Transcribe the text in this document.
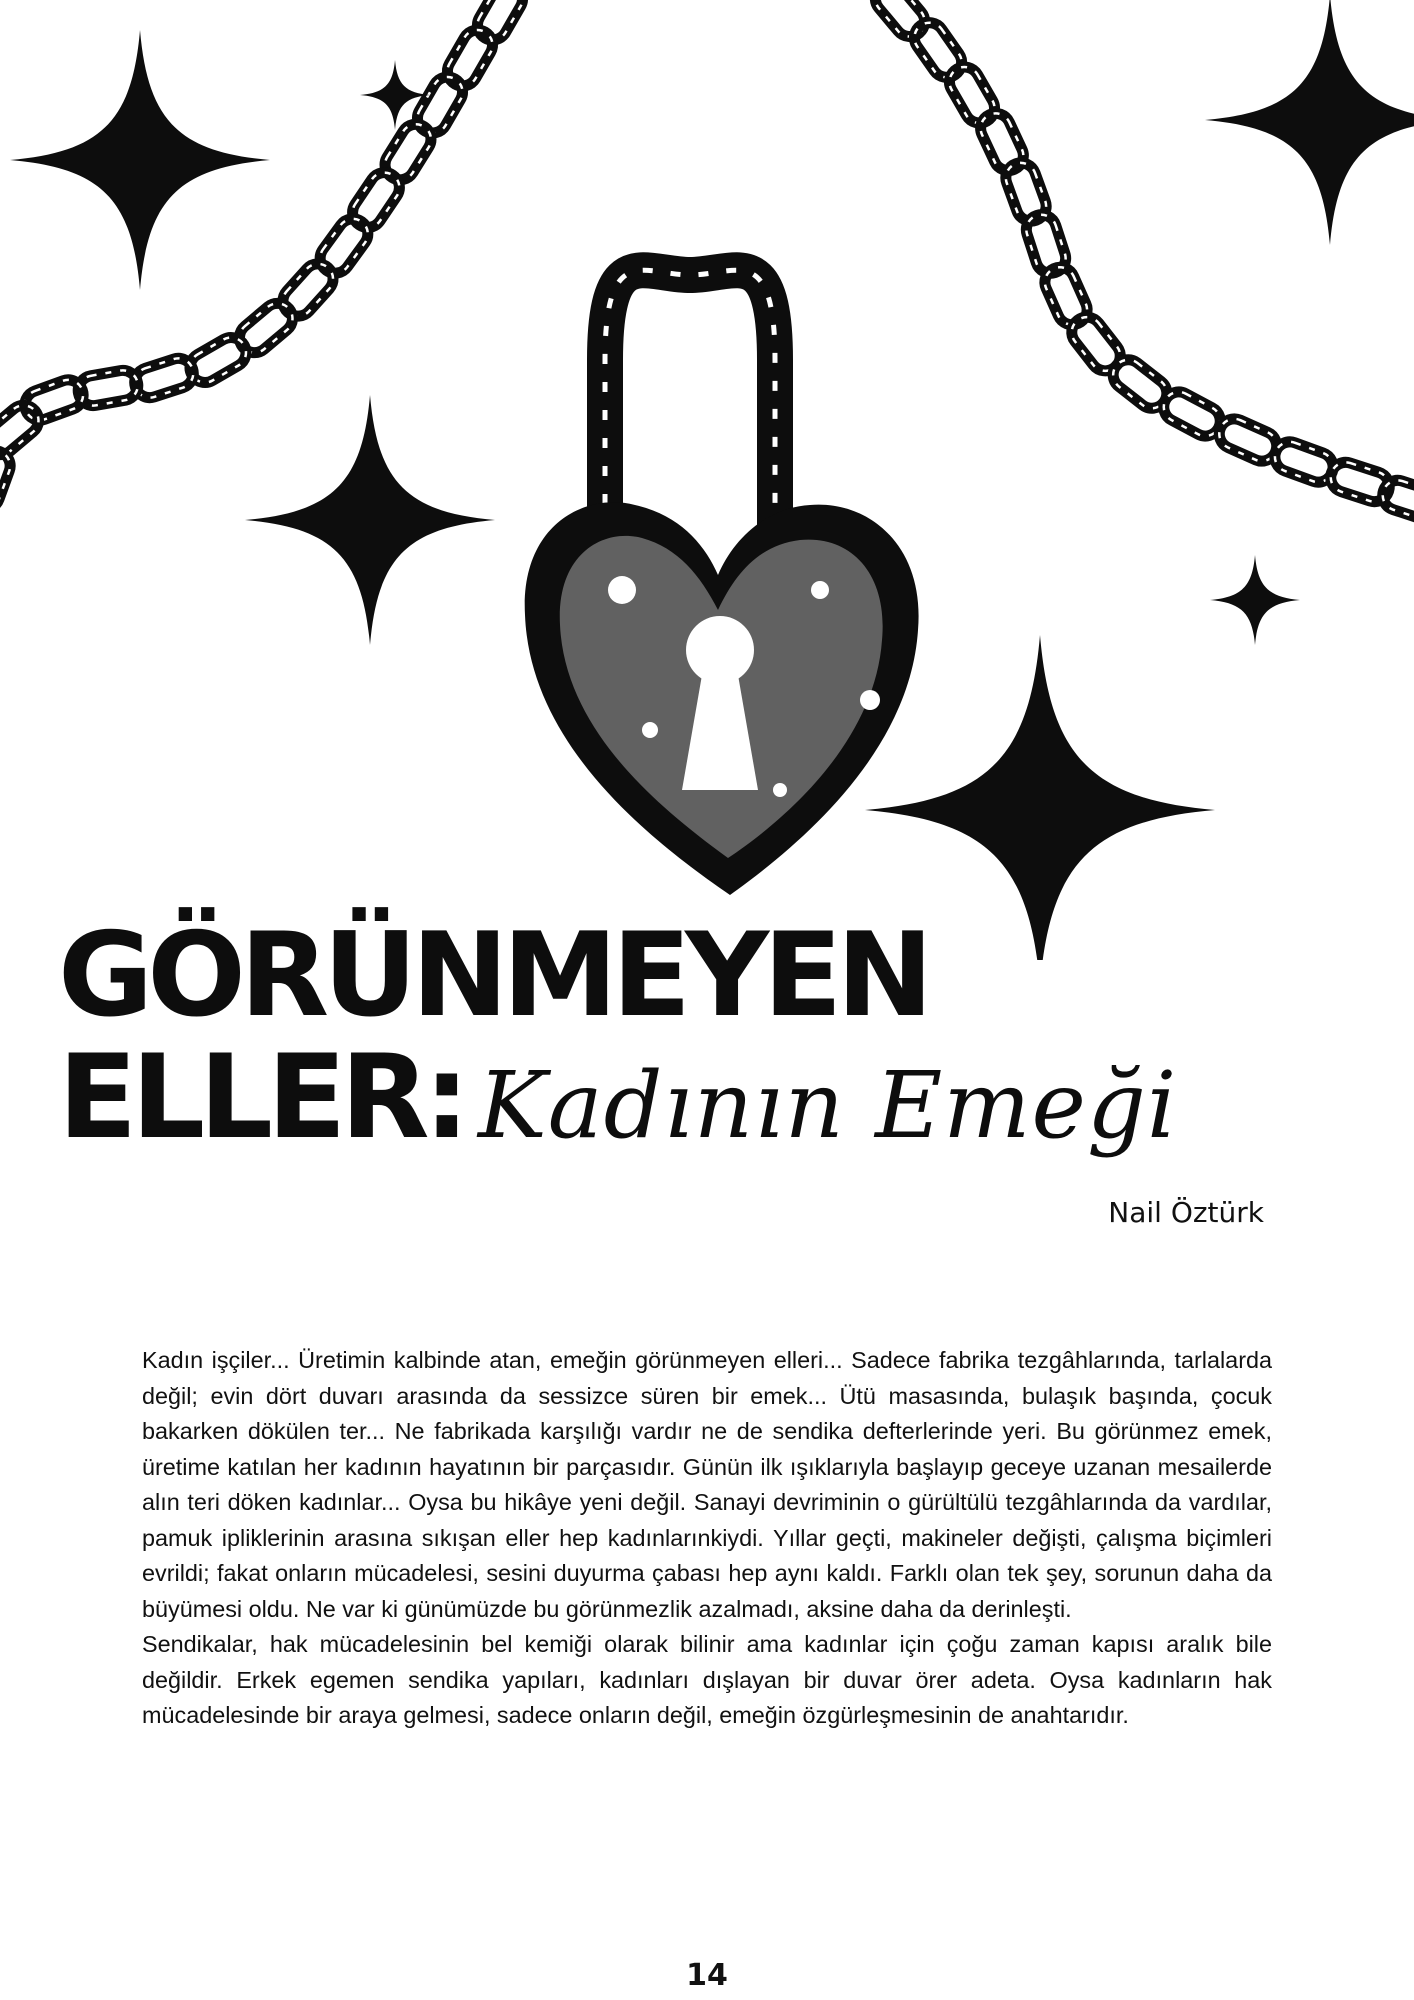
GÖRÜNMEYEN
ELLER: Kadının Emeği
Nail Öztürk

Kadın işçiler... Üretimin kalbinde atan, emeğin görünmeyen elleri... Sadece fabrika tezgâhlarında, tarlalarda değil; evin dört duvarı arasında da sessizce süren bir emek... Ütü masasında, bulaşık başında, çocuk bakarken dökülen ter... Ne fabrikada karşılığı vardır ne de sendika defterlerinde yeri. Bu görünmez emek, üretime katılan her kadının hayatının bir parçasıdır. Günün ilk ışıklarıyla başlayıp geceye uzanan mesailerde alın teri döken kadınlar... Oysa bu hikâye yeni değil. Sanayi devriminin o gürültülü tezgâhlarında da vardılar, pamuk ipliklerinin arasına sıkışan eller hep kadınlarınkiydi. Yıllar geçti, makineler değişti, çalışma biçimleri evrildi; fakat onların mücadelesi, sesini duyurma çabası hep aynı kaldı. Farklı olan tek şey, sorunun daha da büyümesi oldu. Ne var ki günümüzde bu görünmezlik azalmadı, aksine daha da derinleşti.

Sendikalar, hak mücadelesinin bel kemiği olarak bilinir ama kadınlar için çoğu zaman kapısı aralık bile değildir. Erkek egemen sendika yapıları, kadınları dışlayan bir duvar örer adeta. Oysa kadınların hak mücadelesinde bir araya gelmesi, sadece onların değil, emeğin özgürleşmesinin de anahtarıdır.

14
